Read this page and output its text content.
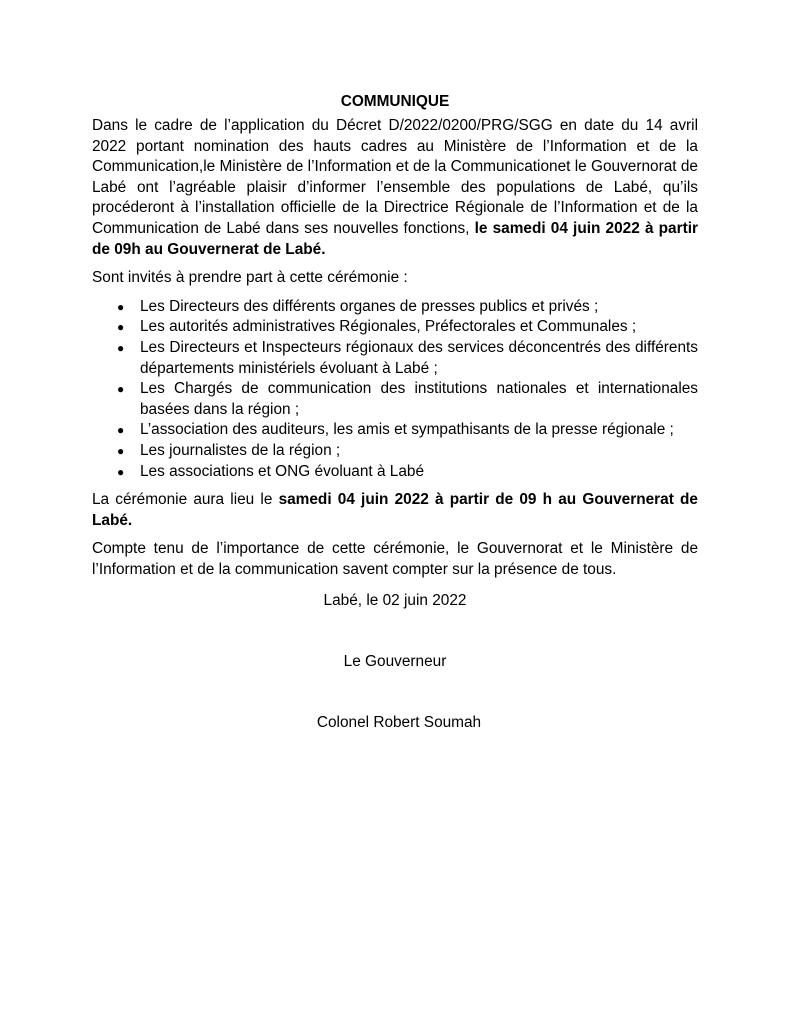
COMMUNIQUE

Dans le cadre de l’application du Décret D/2022/0200/PRG/SGG en date du 14 avril 2022 portant nomination des hauts cadres au Ministère de l’Information et de la Communication,le Ministère de l’Information et de la Communicationet le Gouvernorat de Labé ont l’agréable plaisir d’informer l’ensemble des populations de Labé, qu’ils procéderont à l’installation officielle de la Directrice Régionale de l’Information et de la Communication de Labé dans ses nouvelles fonctions, le samedi 04 juin 2022 à partir de 09h au Gouvernerat de Labé.

Sont invités à prendre part à cette cérémonie :

● Les Directeurs des différents organes de presses publics et privés ;
● Les autorités administratives Régionales, Préfectorales et Communales ;
● Les Directeurs et Inspecteurs régionaux des services déconcentrés des différents départements ministériels évoluant à Labé ;
● Les Chargés de communication des institutions nationales et internationales basées dans la région ;
● L’association des auditeurs, les amis et sympathisants de la presse régionale ;
● Les journalistes de la région ;
● Les associations et ONG évoluant à Labé

La cérémonie aura lieu le samedi 04 juin 2022 à partir de 09 h au Gouvernerat de Labé.

Compte tenu de l’importance de cette cérémonie, le Gouvernorat et le Ministère de l’Information et de la communication savent compter sur la présence de tous.

Labé, le 02 juin 2022
Le Gouverneur
Colonel Robert Soumah
